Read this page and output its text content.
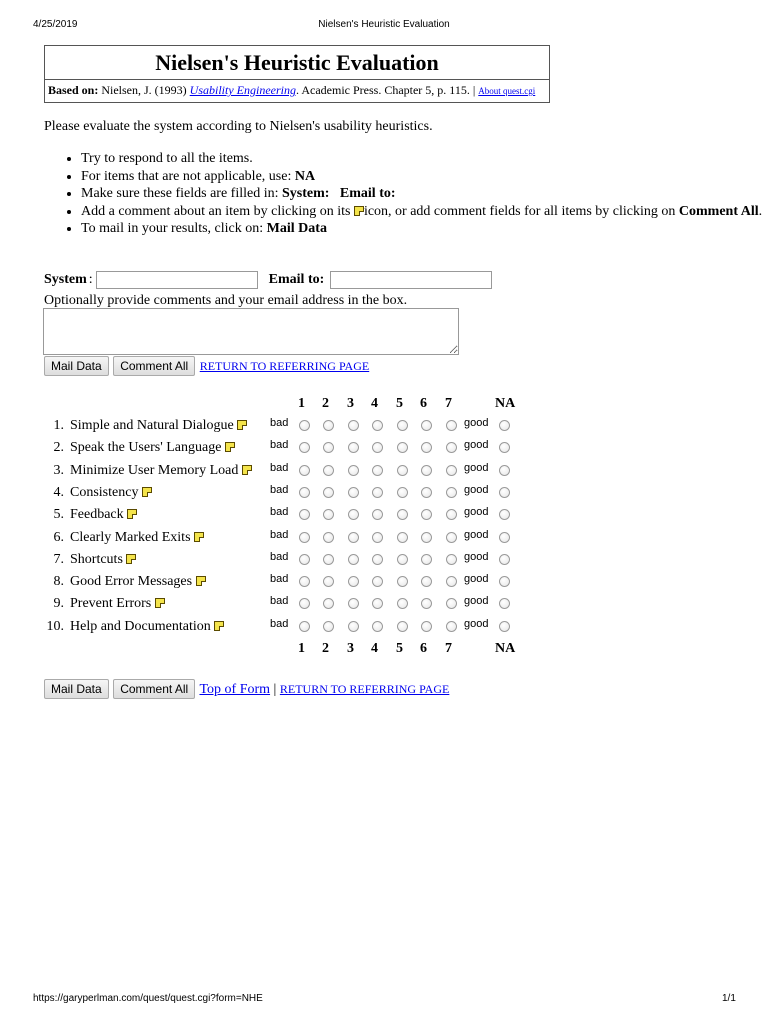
4/25/2019	Nielsen's Heuristic Evaluation
Nielsen's Heuristic Evaluation
Based on: Nielsen, J. (1993) Usability Engineering. Academic Press. Chapter 5, p. 115. | About quest.cgi
Please evaluate the system according to Nielsen's usability heuristics.
• Try to respond to all the items.
• For items that are not applicable, use: NA
• Make sure these fields are filled in: System: Email to:
• Add a comment about an item by clicking on its icon, or add comment fields for all items by clicking on Comment All.
• To mail in your results, click on: Mail Data
System :	Email to:
Optionally provide comments and your email address in the box.
Mail Data Comment All RETURN TO REFERRING PAGE
1 2 3 4 5 6 7	NA
1. Simple and Natural Dialogue	bad	good
2. Speak the Users' Language	bad	good
3. Minimize User Memory Load	bad	good
4. Consistency	bad	good
5. Feedback	bad	good
6. Clearly Marked Exits	bad	good
7. Shortcuts	bad	good
8. Good Error Messages	bad	good
9. Prevent Errors	bad	good
10. Help and Documentation	bad	good
1 2 3 4 5 6 7	NA
Mail Data Comment All Top of Form | RETURN TO REFERRING PAGE
https://garyperlman.com/quest/quest.cgi?form=NHE	1/1
